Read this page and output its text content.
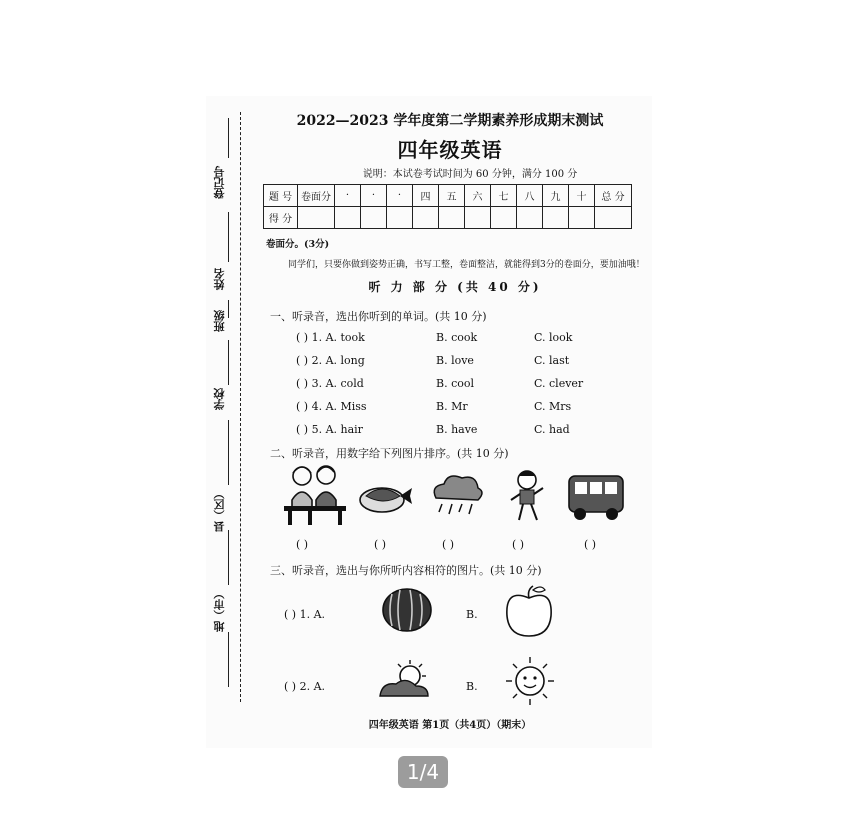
登记号
姓名
班级
学校
县（区）
地（市）
2022—2023 学年度第二学期素养形成期末测试
四年级英语
说明：本试卷考试时间为 60 分钟，满分 100 分
题 号	卷面分	·	·	·	四	五	六	七	八	九	十	总 分
得 分												
卷面分。(3分)
同学们，只要你做到姿势正确，书写工整，卷面整洁，就能得到3分的卷面分，要加油哦！
听 力 部 分 (共 40 分)
一、听录音，选出你听到的单词。(共 10 分)
( ) 1. A. took	B. cook	C. look
( ) 2. A. long	B. love	C. last
( ) 3. A. cold	B. cool	C. clever
( ) 4. A. Miss	B. Mr	C. Mrs
( ) 5. A. hair	B. have	C. had
二、听录音，用数字给下列图片排序。(共 10 分)
( )	( )	( )	( )	( )
三、听录音，选出与你所听内容相符的图片。(共 10 分)
( ) 1. A.	B.
( ) 2. A.	B.
四年级英语 第1页（共4页）（期末）
1/4
